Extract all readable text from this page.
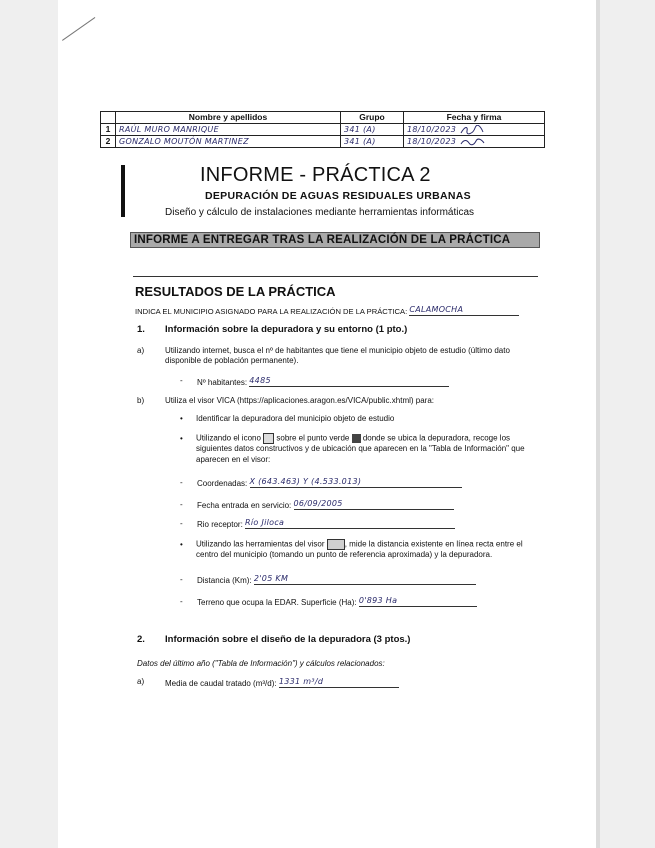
	Nombre y apellidos	Grupo	Fecha y firma
1	RAÚL MURO MANRIQUE	341 (A)	18/10/2023
2	GONZALO MOUTÓN MARTINEZ	341 (A)	18/10/2023
INFORME - PRÁCTICA 2
DEPURACIÓN DE AGUAS RESIDUALES URBANAS
Diseño y cálculo de instalaciones mediante herramientas informáticas
INFORME A ENTREGAR TRAS LA REALIZACIÓN DE LA PRÁCTICA
RESULTADOS DE LA PRÁCTICA
INDICA EL MUNICIPIO ASIGNADO PARA LA REALIZACIÓN DE LA PRÁCTICA: CALAMOCHA
1. Información sobre la depuradora y su entorno (1 pto.)
a)	Utilizando internet, busca el nº de habitantes que tiene el municipio objeto de estudio (último dato
disponible de población permanente).
- Nº habitantes: 4485
b)	Utiliza el visor VICA (https://aplicaciones.aragon.es/VICA/public.xhtml) para:
• Identificar la depuradora del municipio objeto de estudio
• Utilizando el icono sobre el punto verde donde se ubica la depuradora, recoge los
siguientes datos constructivos y de ubicación que aparecen en la "Tabla de Información" que
aparecen en el visor:
- Coordenadas: X (643.463) Y (4.533.013)
- Fecha entrada en servicio: 06/09/2005
- Rio receptor: Río Jiloca
• Utilizando las herramientas del visor	, mide la distancia existente en línea recta entre el
centro del municipio (tomando un punto de referencia aproximada) y la depuradora.
- Distancia (Km): 2'05 KM
- Terreno que ocupa la EDAR. Superficie (Ha): 0'893 Ha
2. Información sobre el diseño de la depuradora (3 ptos.)
Datos del último año ("Tabla de Información") y cálculos relacionados:
a)	Media de caudal tratado (m³/d): 1331 m³/d
